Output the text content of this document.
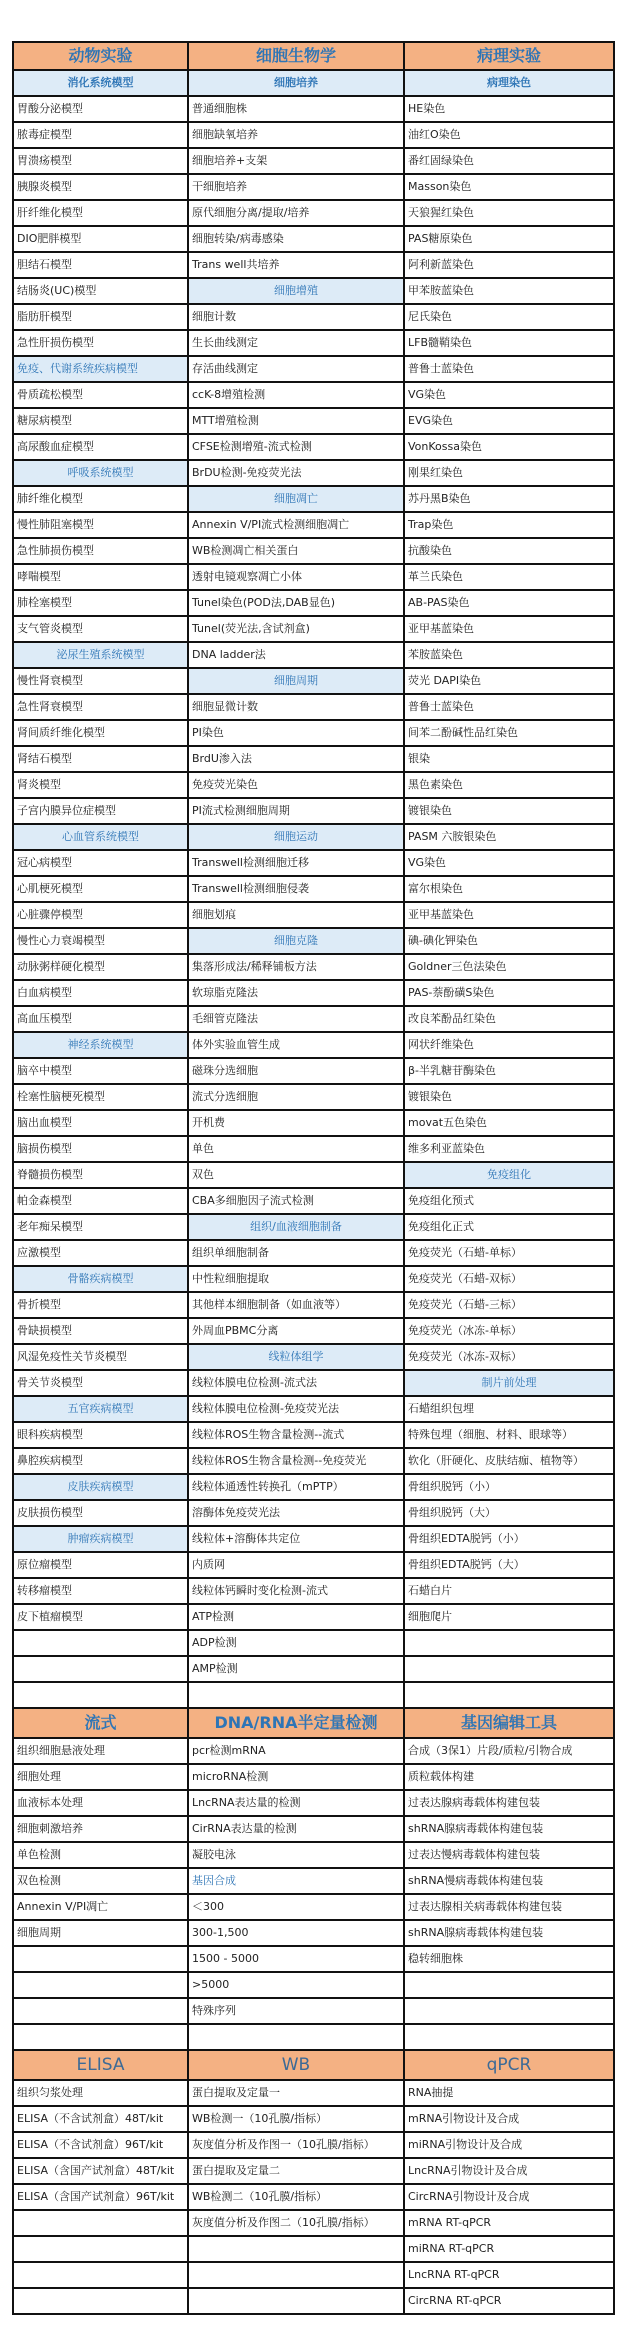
动物实验	细胞生物学	病理实验
消化系统模型	细胞培养	病理染色
胃酸分泌模型	普通细胞株	HE染色
脓毒症模型	细胞缺氧培养	油红O染色
胃溃疡模型	细胞培养+支架	番红固绿染色
胰腺炎模型	干细胞培养	Masson染色
肝纤维化模型	原代细胞分离/提取/培养	天狼猩红染色
DIO肥胖模型	细胞转染/病毒感染	PAS糖原染色
胆结石模型	Trans well共培养	阿利新蓝染色
结肠炎(UC)模型	细胞增殖	甲苯胺蓝染色
脂肪肝模型	细胞计数	尼氏染色
急性肝损伤模型	生长曲线测定	LFB髓鞘染色
免疫、代谢系统疾病模型	存活曲线测定	普鲁士蓝染色
骨质疏松模型	ccK-8增殖检测	VG染色
糖尿病模型	MTT增殖检测	EVG染色
高尿酸血症模型	CFSE检测增殖-流式检测	VonKossa染色
呼吸系统模型	BrDU检测-免疫荧光法	刚果红染色
肺纤维化模型	细胞凋亡	苏丹黑B染色
慢性肺阻塞模型	Annexin V/PI流式检测细胞凋亡	Trap染色
急性肺损伤模型	WB检测凋亡相关蛋白	抗酸染色
哮喘模型	透射电镜观察凋亡小体	革兰氏染色
肺栓塞模型	Tunel染色(POD法,DAB显色)	AB-PAS染色
支气管炎模型	Tunel(荧光法,含试剂盒)	亚甲基蓝染色
泌尿生殖系统模型	DNA ladder法	苯胺蓝染色
慢性肾衰模型	细胞周期	荧光 DAPI染色
急性肾衰模型	细胞显微计数	普鲁士蓝染色
肾间质纤维化模型	PI染色	间苯二酚碱性品红染色
肾结石模型	BrdU渗入法	银染
肾炎模型	免疫荧光染色	黑色素染色
子宫内膜异位症模型	PI流式检测细胞周期	镀银染色
心血管系统模型	细胞运动	PASM 六胺银染色
冠心病模型	Transwell检测细胞迁移	VG染色
心肌梗死模型	Transwell检测细胞侵袭	富尔根染色
心脏骤停模型	细胞划痕	亚甲基蓝染色
慢性心力衰竭模型	细胞克隆	碘-碘化钾染色
动脉粥样硬化模型	集落形成法/稀释铺板方法	Goldner三色法染色
白血病模型	软琼脂克隆法	PAS-萘酚磺S染色
高血压模型	毛细管克隆法	改良苯酚品红染色
神经系统模型	体外实验血管生成	网状纤维染色
脑卒中模型	磁珠分选细胞	β-半乳糖苷酶染色
栓塞性脑梗死模型	流式分选细胞	镀银染色
脑出血模型	开机费	movat五色染色
脑损伤模型	单色	维多利亚蓝染色
脊髓损伤模型	双色	免疫组化
帕金森模型	CBA多细胞因子流式检测	免疫组化预式
老年痴呆模型	组织/血液细胞制备	免疫组化正式
应激模型	组织单细胞制备	免疫荧光（石蜡-单标）
骨骼疾病模型	中性粒细胞提取	免疫荧光（石蜡-双标）
骨折模型	其他样本细胞制备（如血液等）	免疫荧光（石蜡-三标）
骨缺损模型	外周血PBMC分离	免疫荧光（冰冻-单标）
风湿免疫性关节炎模型	线粒体组学	免疫荧光（冰冻-双标）
骨关节炎模型	线粒体膜电位检测-流式法	制片前处理
五官疾病模型	线粒体膜电位检测-免疫荧光法	石蜡组织包埋
眼科疾病模型	线粒体ROS生物含量检测--流式	特殊包埋（细胞、材料、眼球等）
鼻腔疾病模型	线粒体ROS生物含量检测--免疫荧光	软化（肝硬化、皮肤结痂、植物等）
皮肤疾病模型	线粒体通透性转换孔（mPTP）	骨组织脱钙（小）
皮肤损伤模型	溶酶体免疫荧光法	骨组织脱钙（大）
肿瘤疾病模型	线粒体+溶酶体共定位	骨组织EDTA脱钙（小）
原位瘤模型	内质网	骨组织EDTA脱钙（大）
转移瘤模型	线粒体钙瞬时变化检测-流式	石蜡白片
皮下植瘤模型	ATP检测	细胞爬片
	ADP检测	
	AMP检测	

流式	DNA/RNA半定量检测	基因编辑工具
组织细胞悬液处理	pcr检测mRNA	合成（3保1）片段/质粒/引物合成
细胞处理	microRNA检测	质粒载体构建
血液标本处理	LncRNA表达量的检测	过表达腺病毒载体构建包装
细胞刺激培养	CirRNA表达量的检测	shRNA腺病毒载体构建包装
单色检测	凝胶电泳	过表达慢病毒载体构建包装
双色检测	基因合成	shRNA慢病毒载体构建包装
Annexin V/PI凋亡	＜300	过表达腺相关病毒载体构建包装
细胞周期	300-1,500	shRNA腺病毒载体构建包装
	1500 - 5000	稳转细胞株
	>5000	
	特殊序列	

ELISA	WB	qPCR
组织匀浆处理	蛋白提取及定量一	RNA抽提
ELISA（不含试剂盒）48T/kit	WB检测一（10孔膜/指标）	mRNA引物设计及合成
ELISA（不含试剂盒）96T/kit	灰度值分析及作图一（10孔膜/指标）	miRNA引物设计及合成
ELISA（含国产试剂盒）48T/kit	蛋白提取及定量二	LncRNA引物设计及合成
ELISA（含国产试剂盒）96T/kit	WB检测二（10孔膜/指标）	CircRNA引物设计及合成
	灰度值分析及作图二（10孔膜/指标）	mRNA RT-qPCR
		miRNA RT-qPCR
		LncRNA RT-qPCR
		CircRNA RT-qPCR
